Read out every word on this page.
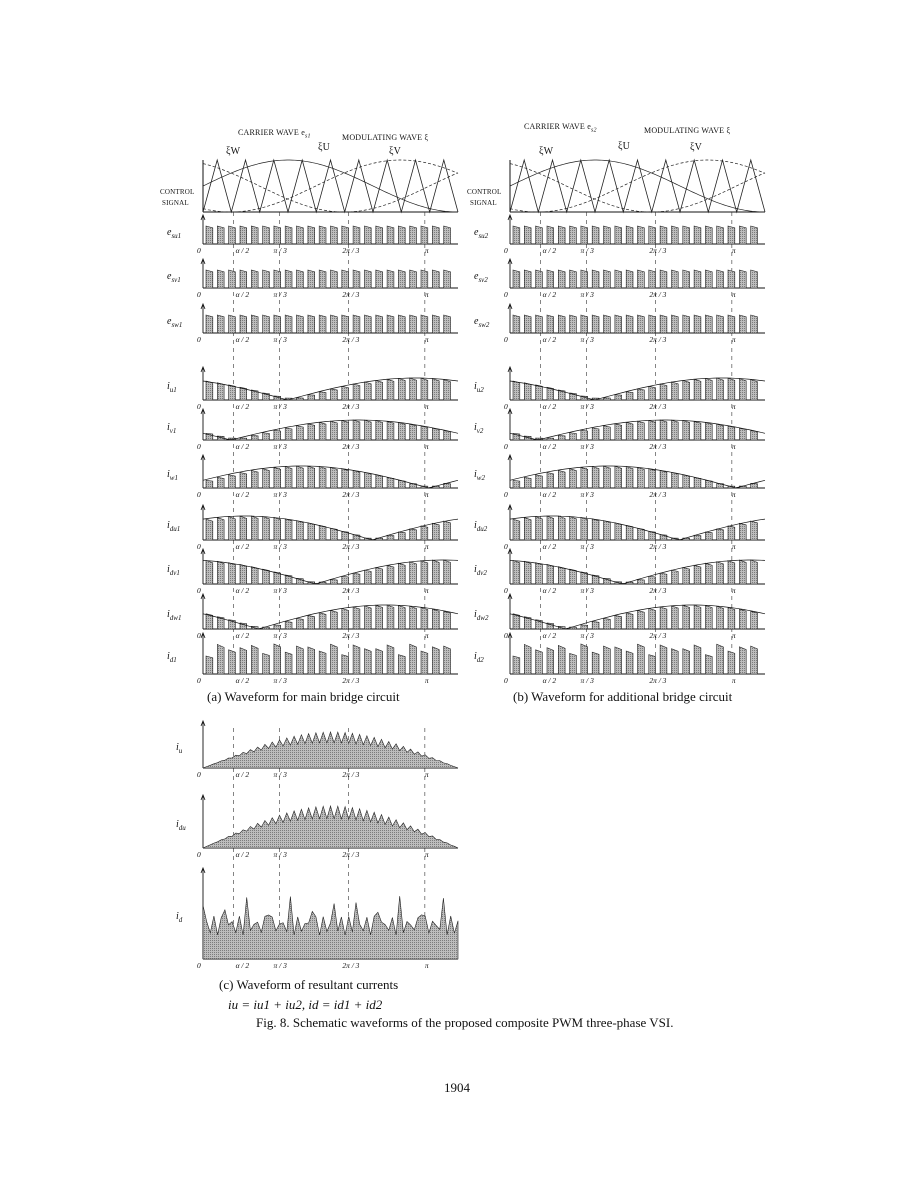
CARRIER WAVE $e_{s1}$	MODULATING WAVE ξ
ξW	ξU	ξV
CONTROL
SIGNAL
CARRIER WAVE $e_{s2}$	MODULATING WAVE ξ
ξW	ξU	ξV
CONTROL
SIGNAL
$e_{su1}$
0	α / 2	π / 3	2π / 3	π
$e_{sv1}$
0	α / 2	π / 3	2π / 3	π
$e_{sw1}$
0	α / 2	π / 3	2π / 3	π
$i_{u1}$
0	α / 2	π / 3	2π / 3	π
$i_{v1}$
0	α / 2	π / 3	2π / 3	π
$i_{w1}$
0	α / 2	π / 3	2π / 3	π
$i_{du1}$
0	α / 2	π / 3	2π / 3	π
$i_{dv1}$
0	α / 2	π / 3	2π / 3	π
$i_{dw1}$
0	α / 2	π / 3	2π / 3	π
$i_{d1}$
0	α / 2	π / 3	2π / 3	π
$e_{su2}$
0	α / 2	π / 3	2π / 3	π
$e_{sv2}$
0	α / 2	π / 3	2π / 3	π
$e_{sw2}$
0	α / 2	π / 3	2π / 3	π
$i_{u2}$
0	α / 2	π / 3	2π / 3	π
$i_{v2}$
0	α / 2	π / 3	2π / 3	π
$i_{w2}$
0	α / 2	π / 3	2π / 3	π
$i_{du2}$
0	α / 2	π / 3	2π / 3	π
$i_{dv2}$
0	α / 2	π / 3	2π / 3	π
$i_{dw2}$
0	α / 2	π / 3	2π / 3	π
$i_{d2}$
0	α / 2	π / 3	2π / 3	π
$i_u$
0	α / 2	π / 3	2π / 3	π
$i_{du}$
0	α / 2	π / 3	2π / 3	π
$i_d$
0	α / 2	π / 3	2π / 3	π
(a) Waveform for main bridge circuit	(b) Waveform for additional bridge circuit
(c) Waveform of resultant currents
iu = iu1 + iu2, id = id1 + id2
Fig. 8. Schematic waveforms of the proposed composite PWM three-phase VSI.
1904
